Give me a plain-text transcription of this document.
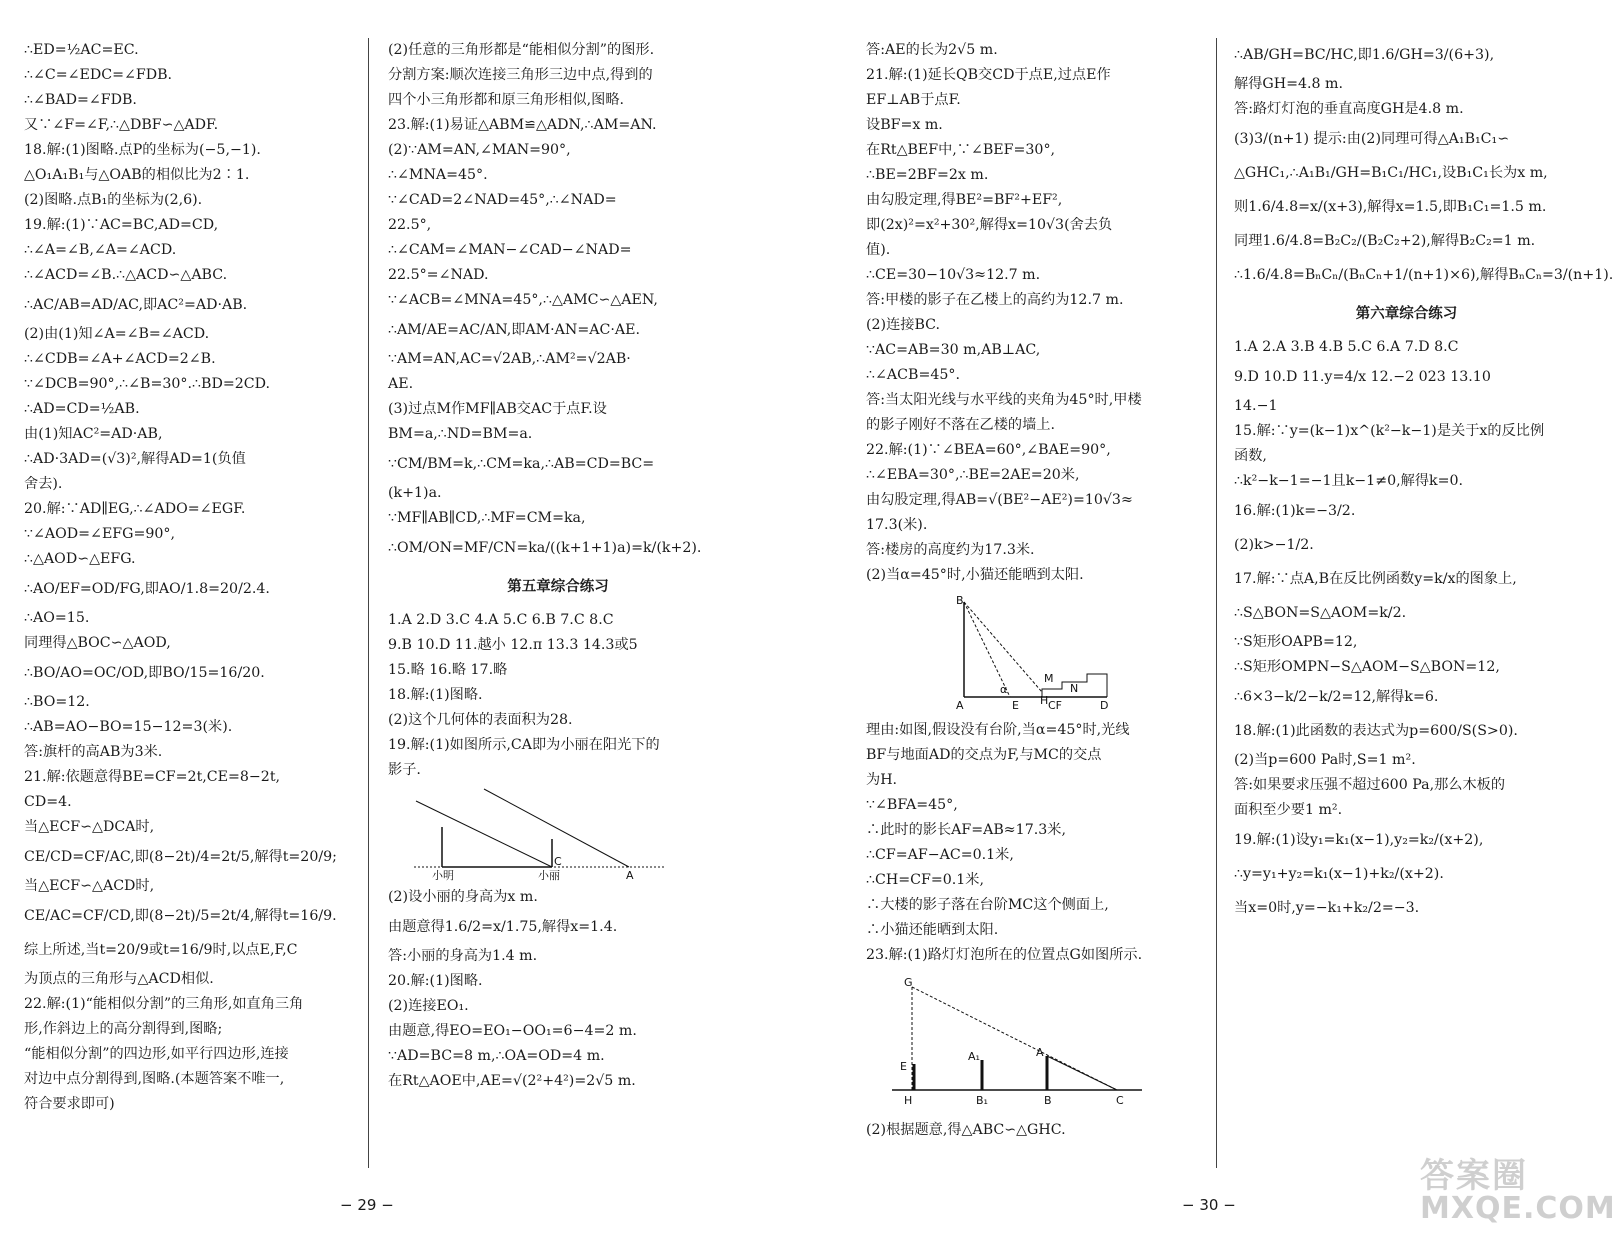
∴ED=½AC=EC.
∴∠C=∠EDC=∠FDB.
∴∠BAD=∠FDB.
又∵∠F=∠F,∴△DBF∽△ADF.
18.解:(1)图略.点P的坐标为(−5,−1).
△O₁A₁B₁与△OAB的相似比为2∶1.
(2)图略.点B₁的坐标为(2,6).
19.解:(1)∵AC=BC,AD=CD,
∴∠A=∠B,∠A=∠ACD.
∴∠ACD=∠B.∴△ACD∽△ABC.
∴AC/AB=AD/AC,即AC²=AD·AB.
(2)由(1)知∠A=∠B=∠ACD.
∴∠CDB=∠A+∠ACD=2∠B.
∵∠DCB=90°,∴∠B=30°.∴BD=2CD.
∴AD=CD=½AB.
由(1)知AC²=AD·AB,
∴AD·3AD=(√3)²,解得AD=1(负值
舍去).
20.解:∵AD∥EG,∴∠ADO=∠EGF.
∵∠AOD=∠EFG=90°,
∴△AOD∽△EFG.
∴AO/EF=OD/FG,即AO/1.8=20/2.4.
∴AO=15.
同理得△BOC∽△AOD,
∴BO/AO=OC/OD,即BO/15=16/20.
∴BO=12.
∴AB=AO−BO=15−12=3(米).
答:旗杆的高AB为3米.
21.解:依题意得BE=CF=2t,CE=8−2t,
CD=4.
当△ECF∽△DCA时,
CE/CD=CF/AC,即(8−2t)/4=2t/5,解得t=20/9;
当△ECF∽△ACD时,
CE/AC=CF/CD,即(8−2t)/5=2t/4,解得t=16/9.
综上所述,当t=20/9或t=16/9时,以点E,F,C
为顶点的三角形与△ACD相似.
22.解:(1)“能相似分割”的三角形,如直角三角
形,作斜边上的高分割得到,图略;
“能相似分割”的四边形,如平行四边形,连接
对边中点分割得到,图略.(本题答案不唯一,
符合要求即可)
(2)任意的三角形都是“能相似分割”的图形.
分割方案:顺次连接三角形三边中点,得到的
四个小三角形都和原三角形相似,图略.
23.解:(1)易证△ABM≌△ADN,∴AM=AN.
(2)∵AM=AN,∠MAN=90°,
∴∠MNA=45°.
∵∠CAD=2∠NAD=45°,∴∠NAD=
22.5°,
∴∠CAM=∠MAN−∠CAD−∠NAD=
22.5°=∠NAD.
∵∠ACB=∠MNA=45°,∴△AMC∽△AEN,
∴AM/AE=AC/AN,即AM·AN=AC·AE.
∵AM=AN,AC=√2AB,∴AM²=√2AB·
AE.
(3)过点M作MF∥AB交AC于点F.设
BM=a,∴ND=BM=a.
∵CM/BM=k,∴CM=ka,∴AB=CD=BC=
(k+1)a.
∵MF∥AB∥CD,∴MF=CM=ka,
∴OM/ON=MF/CN=ka/((k+1+1)a)=k/(k+2).
第五章综合练习
1.A 2.D 3.C 4.A 5.C 6.B 7.C 8.C
9.B 10.D 11.越小 12.π 13.3 14.3或5
15.略 16.略 17.略
18.解:(1)图略.
(2)这个几何体的表面积为28.
19.解:(1)如图所示,CA即为小丽在阳光下的
影子.
小明	小丽
C
A
(2)设小丽的身高为x m.
由题意得1.6/2=x/1.75,解得x=1.4.
答:小丽的身高为1.4 m.
20.解:(1)图略.
(2)连接EO₁.
由题意,得EO=EO₁−OO₁=6−4=2 m.
∵AD=BC=8 m,∴OA=OD=4 m.
在Rt△AOE中,AE=√(2²+4²)=2√5 m.
答:AE的长为2√5 m.
21.解:(1)延长QB交CD于点E,过点E作
EF⊥AB于点F.
设BF=x m.
在Rt△BEF中,∵∠BEF=30°,
∴BE=2BF=2x m.
由勾股定理,得BE²=BF²+EF²,
即(2x)²=x²+30²,解得x=10√3(舍去负
值).
∴CE=30−10√3≈12.7 m.
答:甲楼的影子在乙楼上的高约为12.7 m.
(2)连接BC.
∵AC=AB=30 m,AB⊥AC,
∴∠ACB=45°.
答:当太阳光线与水平线的夹角为45°时,甲楼
的影子刚好不落在乙楼的墙上.
22.解:(1)∵∠BEA=60°,∠BAE=90°,
∴∠EBA=30°,∴BE=2AE=20米,
由勾股定理,得AB=√(BE²−AE²)=10√3≈
17.3(米).
答:楼房的高度约为17.3米.
(2)当α=45°时,小猫还能晒到太阳.
B
A
α
E H CF
M
N
D
理由:如图,假设没有台阶,当α=45°时,光线
BF与地面AD的交点为F,与MC的交点
为H.
∵∠BFA=45°,
∴此时的影长AF=AB≈17.3米,
∴CF=AF−AC=0.1米,
∴CH=CF=0.1米,
∴大楼的影子落在台阶MC这个侧面上,
∴小猫还能晒到太阳.
23.解:(1)路灯灯泡所在的位置点G如图所示.
G
E
A₁	A
H	B₁	B	C
(2)根据题意,得△ABC∽△GHC.
∴AB/GH=BC/HC,即1.6/GH=3/(6+3),
解得GH=4.8 m.
答:路灯灯泡的垂直高度GH是4.8 m.
(3)3/(n+1) 提示:由(2)同理可得△A₁B₁C₁∽
△GHC₁,∴A₁B₁/GH=B₁C₁/HC₁,设B₁C₁长为x m,
则1.6/4.8=x/(x+3),解得x=1.5,即B₁C₁=1.5 m.
同理1.6/4.8=B₂C₂/(B₂C₂+2),解得B₂C₂=1 m.
∴1.6/4.8=BₙCₙ/(BₙCₙ+1/(n+1)×6),解得BₙCₙ=3/(n+1).
第六章综合练习
1.A 2.A 3.B 4.B 5.C 6.A 7.D 8.C
9.D 10.D 11.y=4/x 12.−2 023 13.10
14.−1
15.解:∵y=(k−1)x^(k²−k−1)是关于x的反比例
函数,
∴k²−k−1=−1且k−1≠0,解得k=0.
16.解:(1)k=−3/2.
(2)k>−1/2.
17.解:∵点A,B在反比例函数y=k/x的图象上,
∴S△BON=S△AOM=k/2.
∵S矩形OAPB=12,
∴S矩形OMPN−S△AOM−S△BON=12,
∴6×3−k/2−k/2=12,解得k=6.
18.解:(1)此函数的表达式为p=600/S(S>0).
(2)当p=600 Pa时,S=1 m².
答:如果要求压强不超过600 Pa,那么木板的
面积至少要1 m².
19.解:(1)设y₁=k₁(x−1),y₂=k₂/(x+2),
∴y=y₁+y₂=k₁(x−1)+k₂/(x+2).
当x=0时,y=−k₁+k₂/2=−3.
− 29 −	− 30 −
答案圈
MXQE.COM
